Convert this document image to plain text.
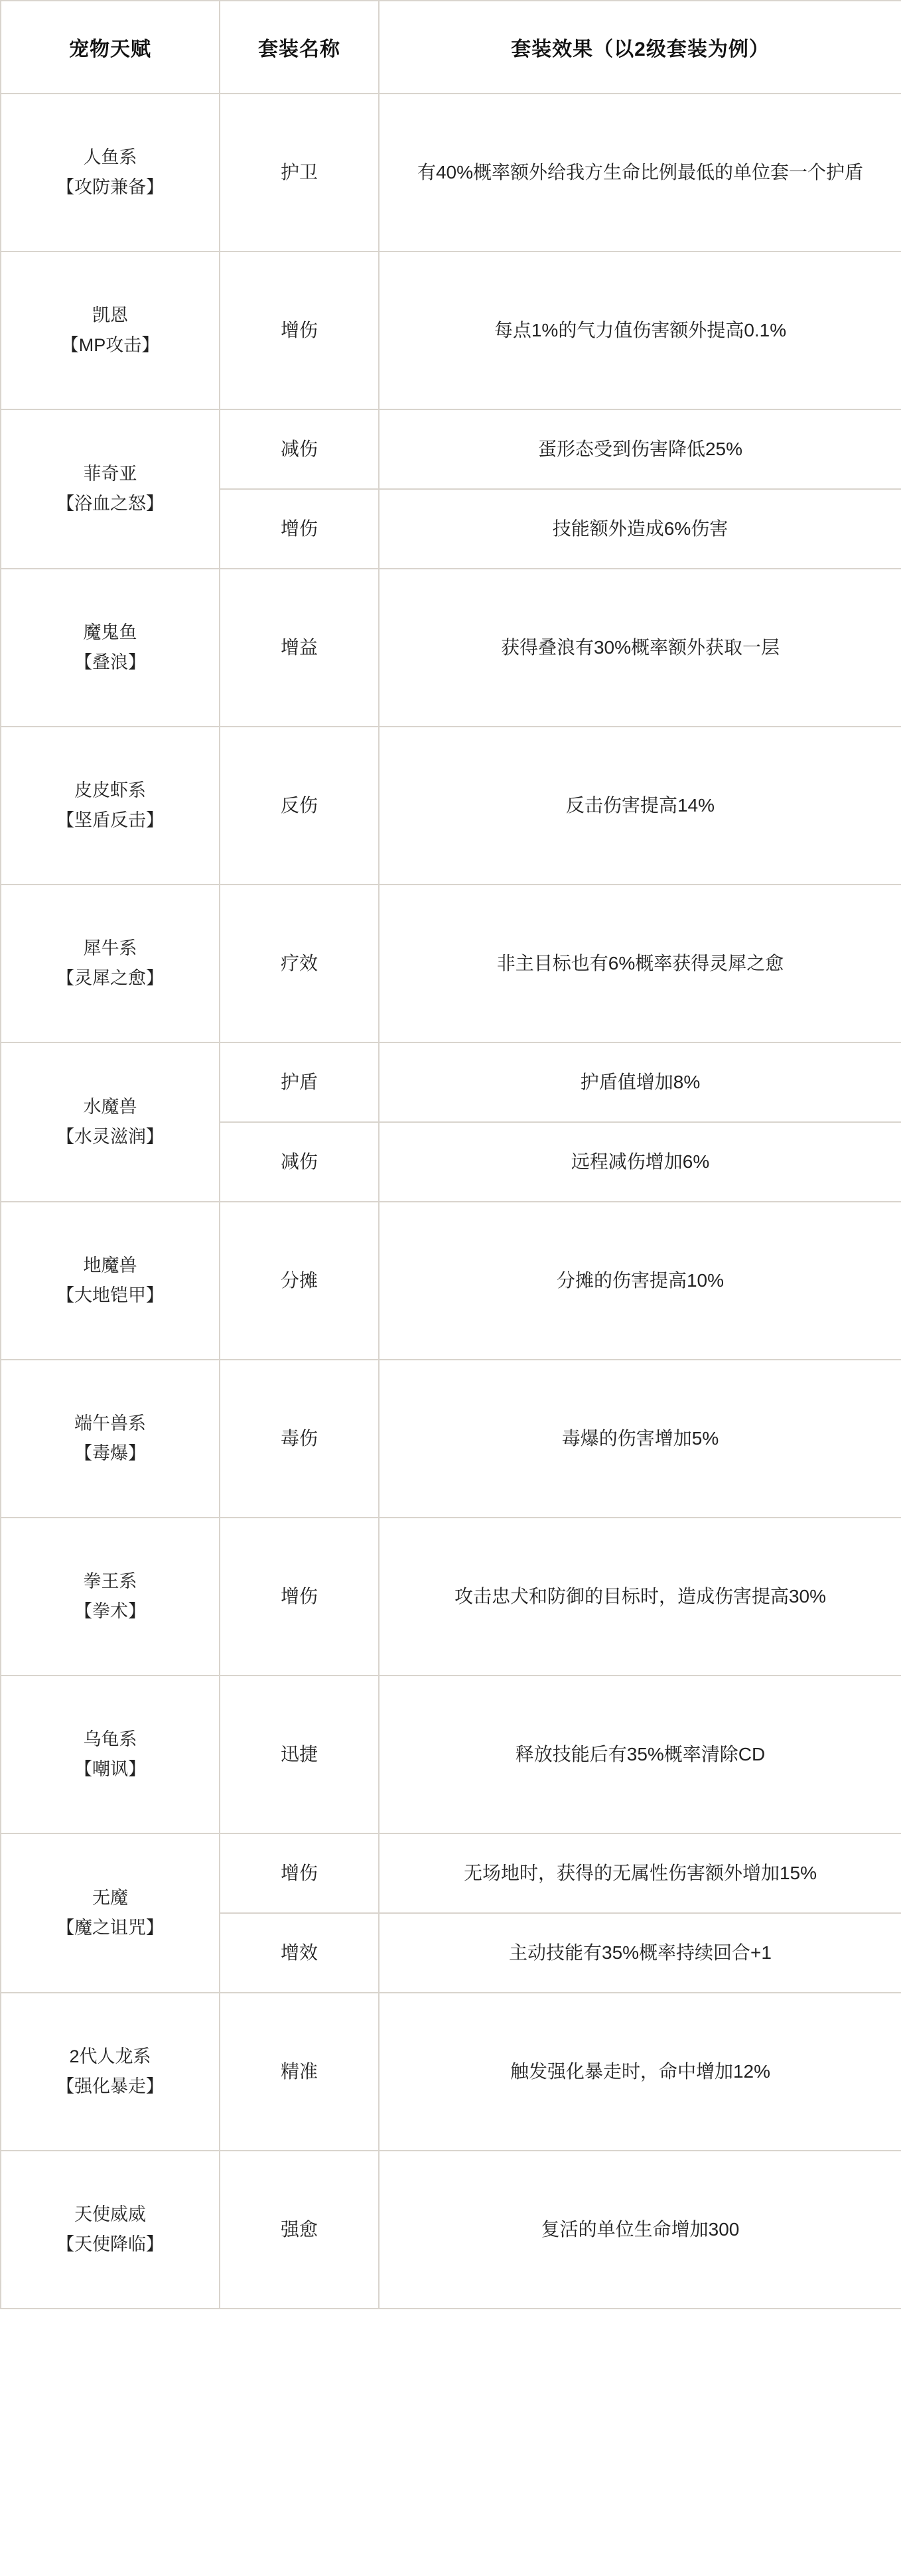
宠物天赋	套装名称	套装效果（以2级套装为例）

人鱼系
【攻防兼备】	护卫	有40%概率额外给我方生命比例最低的单位套一个护盾

凯恩
【MP攻击】	增伤	每点1%的气力值伤害额外提高0.1%

菲奇亚
【浴血之怒】	减伤	蛋形态受到伤害降低25%
	增伤	技能额外造成6%伤害

魔鬼鱼
【叠浪】	增益	获得叠浪有30%概率额外获取一层

皮皮虾系
【坚盾反击】	反伤	反击伤害提高14%

犀牛系
【灵犀之愈】	疗效	非主目标也有6%概率获得灵犀之愈

水魔兽
【水灵滋润】	护盾	护盾值增加8%
	减伤	远程减伤增加6%

地魔兽
【大地铠甲】	分摊	分摊的伤害提高10%

端午兽系
【毒爆】	毒伤	毒爆的伤害增加5%

拳王系
【拳术】	增伤	攻击忠犬和防御的目标时，造成伤害提高30%

乌龟系
【嘲讽】	迅捷	释放技能后有35%概率清除CD

无魔
【魔之诅咒】	增伤	无场地时，获得的无属性伤害额外增加15%
	增效	主动技能有35%概率持续回合+1

2代人龙系
【强化暴走】	精准	触发强化暴走时，命中增加12%

天使威威
【天使降临】	强愈	复活的单位生命增加300
